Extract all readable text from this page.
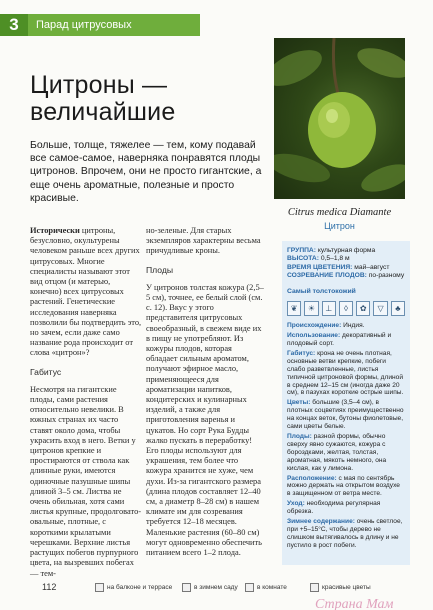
3	Парад цитрусовых
Цитроны —
величайшие

Больше, толще, тяжелее — тем, кому подавай все самое-самое, наверняка понравятся плоды цитронов. Впрочем, они не просто гигантские, а еще очень ароматные, полезные и просто красивые.

Citrus medica Diamante
Цитрон

Исторически цитроны, безусловно, окультурены человеком раньше всех других цитрусовых. Многие специалисты называют этот вид отцом (и матерью, конечно) всех цитрусовых растений. Генетические исследования наверняка позволили бы подтвердить это, но зачем, если даже само название рода происходит от слова «цитрон»?

Габитус

Несмотря на гигантские плоды, сами растения относительно невелики. В южных странах их часто ставят около дома, чтобы украсить вход в него. Ветки у цитронов крепкие и простираются от ствола как длинные руки, имеются одиночные пазушные шипы длиной 3–5 см. Листва не очень обильная, хотя сами листья крупные, продолговато-овальные, плотные, с короткими крылатыми черешками. Верхние листья растущих побегов пурпурного цвета, на вызревших побегах — тем-

но-зеленые. Для старых экземпляров характерны весьма причудливые кроны.

Плоды

У цитронов толстая кожура (2,5–5 см), точнее, ее белый слой (см. с. 12). Вкус у этого представителя цитрусовых своеобразный, в свежем виде их в пищу не употребляют. Из кожуры плодов, которая обладает сильным ароматом, получают эфирное масло, применяющееся для ароматизации напитков, кондитерских и кулинарных изделий, а также для приготовления варенья и цукатов. Но сорт Рука Будды жалко пускать в переработку! Его плоды используют для украшения, тем более что кожура хранится не хуже, чем духи. Из-за гигантского размера (длина плодов составляет 12–40 см, а диаметр 8–28 см) в нашем климате им для созревания требуется 12–18 месяцев. Маленькие растения (60–80 см) могут одновременно обеспечить питанием всего 1–2 плода.

ГРУППА: культурная форма
ВЫСОТА: 0,5–1,8 м
ВРЕМЯ ЦВЕТЕНИЯ: май–август
СОЗРЕВАНИЕ ПЛОДОВ: по-разному
Самый толстокожий
❦	☀	⊥	◊	✿	▽	♣

Происхождение: Индия.

Использование: декоративный и плодовый сорт.

Габитус: крона не очень плотная, основные ветви крепкие, побеги слабо разветвленные, листья типичной цитроновой формы, длиной в среднем 12–15 см (иногда даже 20 см), в пазухах короткие острые шипы.

Цветы: большие (3,5–4 см), в плотных соцветиях преимущественно на концах веток, бутоны фиолетовые, сами цветы белые.

Плоды: разной формы, обычно сверху явно сужаются, кожура с бороздками, желтая, толстая, ароматная, мякоть немного, она кислая, как у лимона.

Расположение: с мая по сентябрь можно держать на открытом воздухе в защищенном от ветра месте.

Уход: необходима регулярная обрезка.

Зимнее содержание: очень светлое, при +5–15°С, чтобы дерево не слишком вытягивалось в длину и не пустило в рост побеги.

112	на балконе и террасе	в зимнем саду	в комнате	красивые цветы
Страна Мам
